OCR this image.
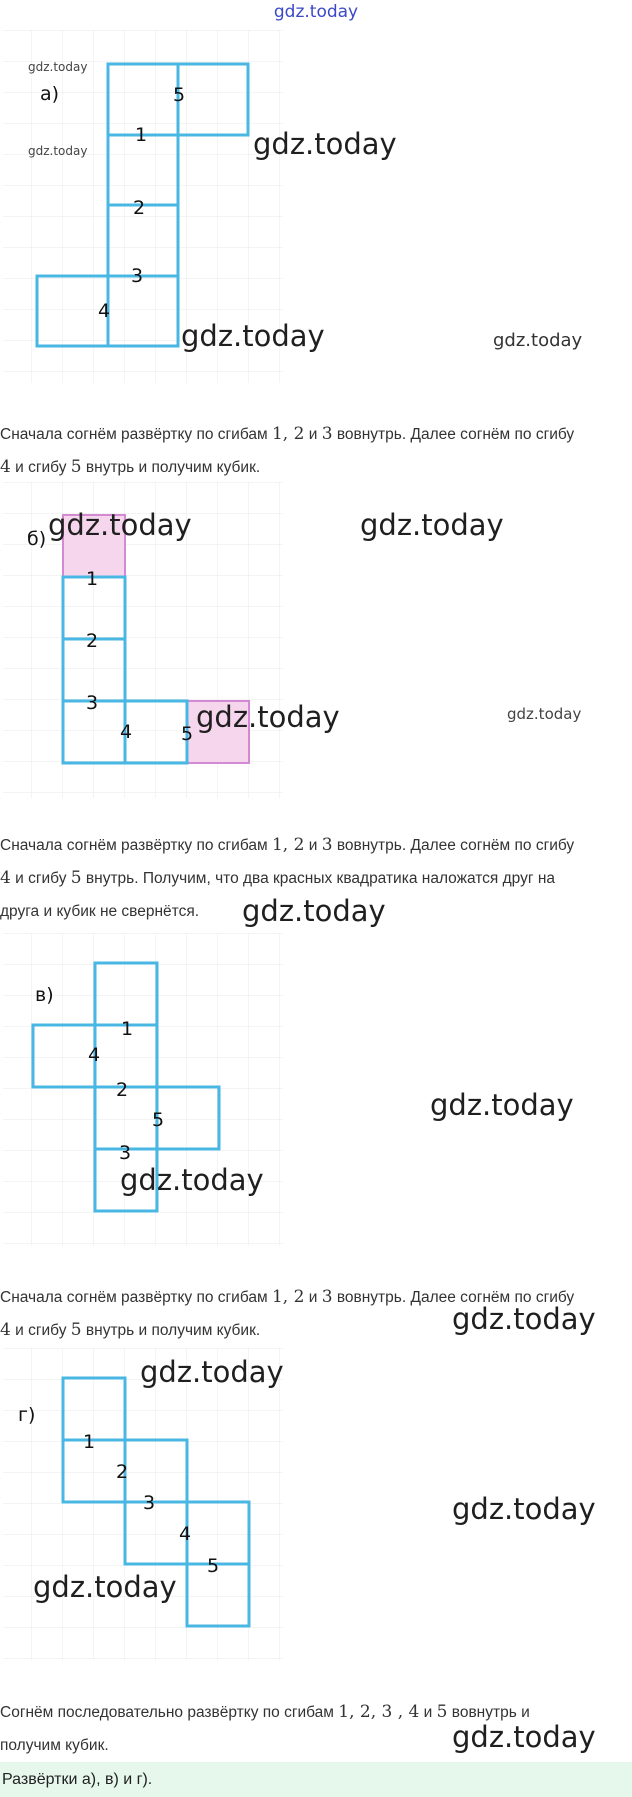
gdz.today
а)	5
1
2
3
4
gdz.today
gdz.today	gdz.today
gdz.today	gdz.today
Сначала согнём развёртку по сгибам 1, 2 и 3 вовнутрь. Далее согнём по сгибу
4 и сгибу 5 внутрь и получим кубик.
б)
1
2
3
4	5
gdz.today	gdz.today
gdz.today	gdz.today
Сначала согнём развёртку по сгибам 1, 2 и 3 вовнутрь. Далее согнём по сгибу
4 и сгибу 5 внутрь. Получим, что два красных квадратика наложатся друг на
друга и кубик не свернётся.	gdz.today
в)
1
4
2
5
3
gdz.today
gdz.today
Сначала согнём развёртку по сгибам 1, 2 и 3 вовнутрь. Далее согнём по сгибу
4 и сгибу 5 внутрь и получим кубик.	gdz.today
г)
1
2
3
4
5
gdz.today
gdz.today
gdz.today
Согнём последовательно развёртку по сгибам 1, 2, 3 , 4 и 5 вовнутрь и
получим кубик.	gdz.today
Развёртки а), в) и г).
